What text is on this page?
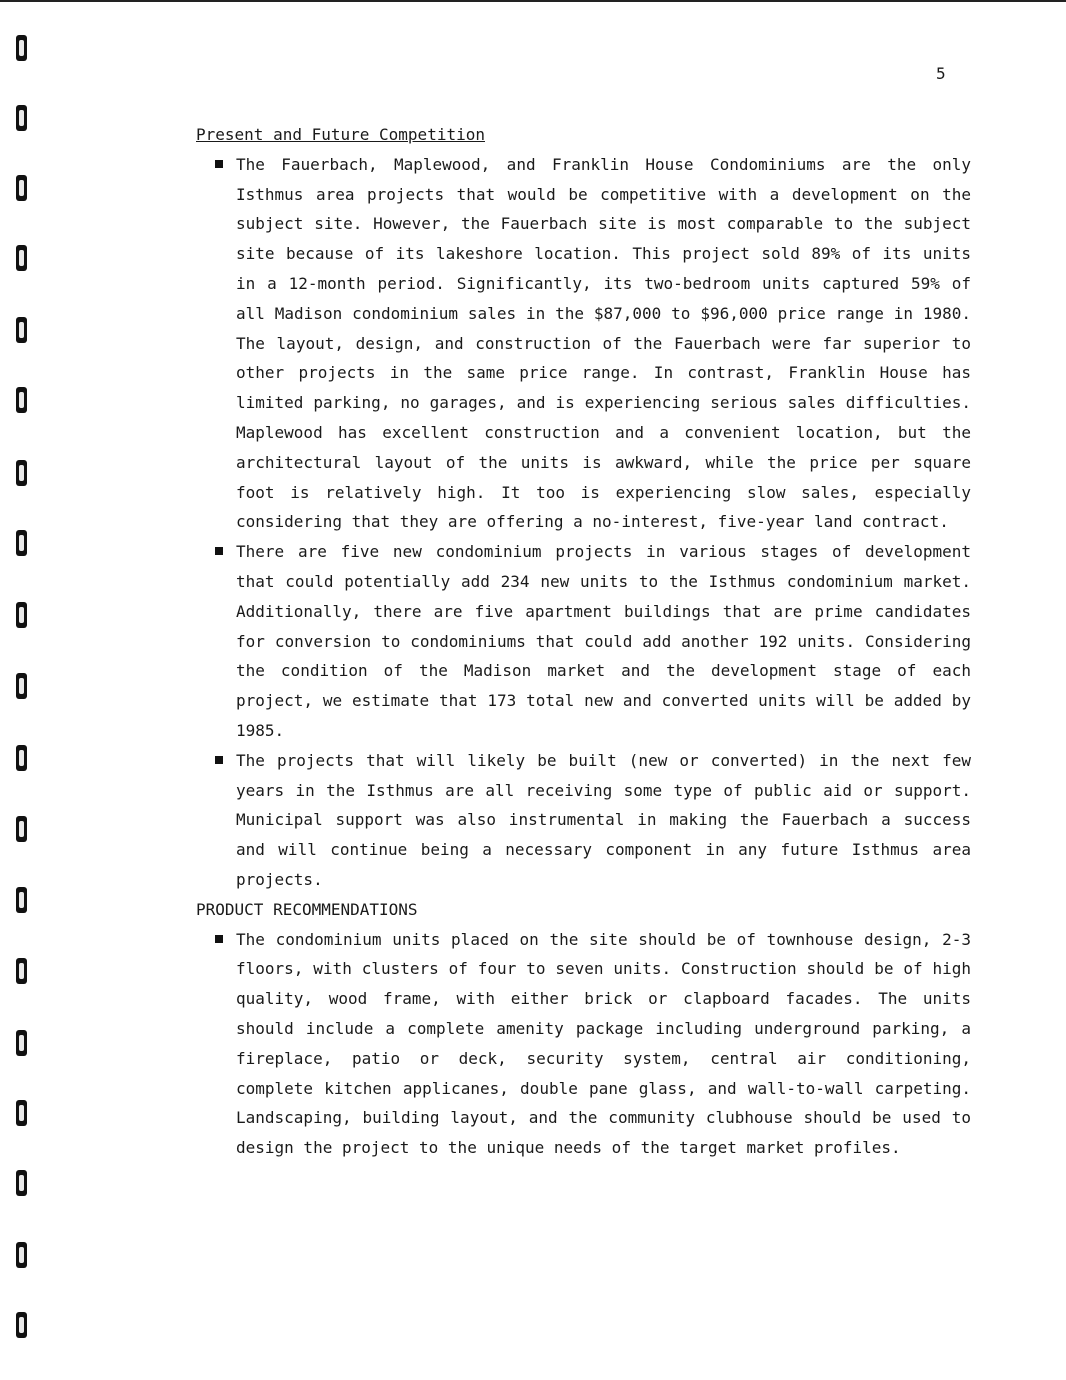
5

Present and Future Competition

The Fauerbach, Maplewood, and Franklin House Condominiums are the only Isthmus area projects that would be competitive with a development on the subject site. However, the Fauerbach site is most comparable to the subject site because of its lakeshore location. This project sold 89% of its units in a 12-month period. Significantly, its two-bedroom units captured 59% of all Madison condominium sales in the $87,000 to $96,000 price range in 1980. The layout, design, and construction of the Fauerbach were far superior to other projects in the same price range. In contrast, Franklin House has limited parking, no garages, and is experiencing serious sales difficulties. Maplewood has excellent construction and a convenient location, but the architectural layout of the units is awkward, while the price per square foot is relatively high. It too is experiencing slow sales, especially considering that they are offering a no-interest, five-year land contract.
There are five new condominium projects in various stages of development that could potentially add 234 new units to the Isthmus condominium market. Additionally, there are five apartment buildings that are prime candidates for conversion to condominiums that could add another 192 units. Considering the condition of the Madison market and the development stage of each project, we estimate that 173 total new and converted units will be added by 1985.
The projects that will likely be built (new or converted) in the next few years in the Isthmus are all receiving some type of public aid or support. Municipal support was also instrumental in making the Fauerbach a success and will continue being a necessary component in any future Isthmus area projects.

PRODUCT RECOMMENDATIONS

The condominium units placed on the site should be of townhouse design, 2-3 floors, with clusters of four to seven units. Construction should be of high quality, wood frame, with either brick or clapboard facades. The units should include a complete amenity package including underground parking, a fireplace, patio or deck, security system, central air conditioning, complete kitchen applicanes, double pane glass, and wall-to-wall carpeting. Landscaping, building layout, and the community clubhouse should be used to design the project to the unique needs of the target market profiles.
